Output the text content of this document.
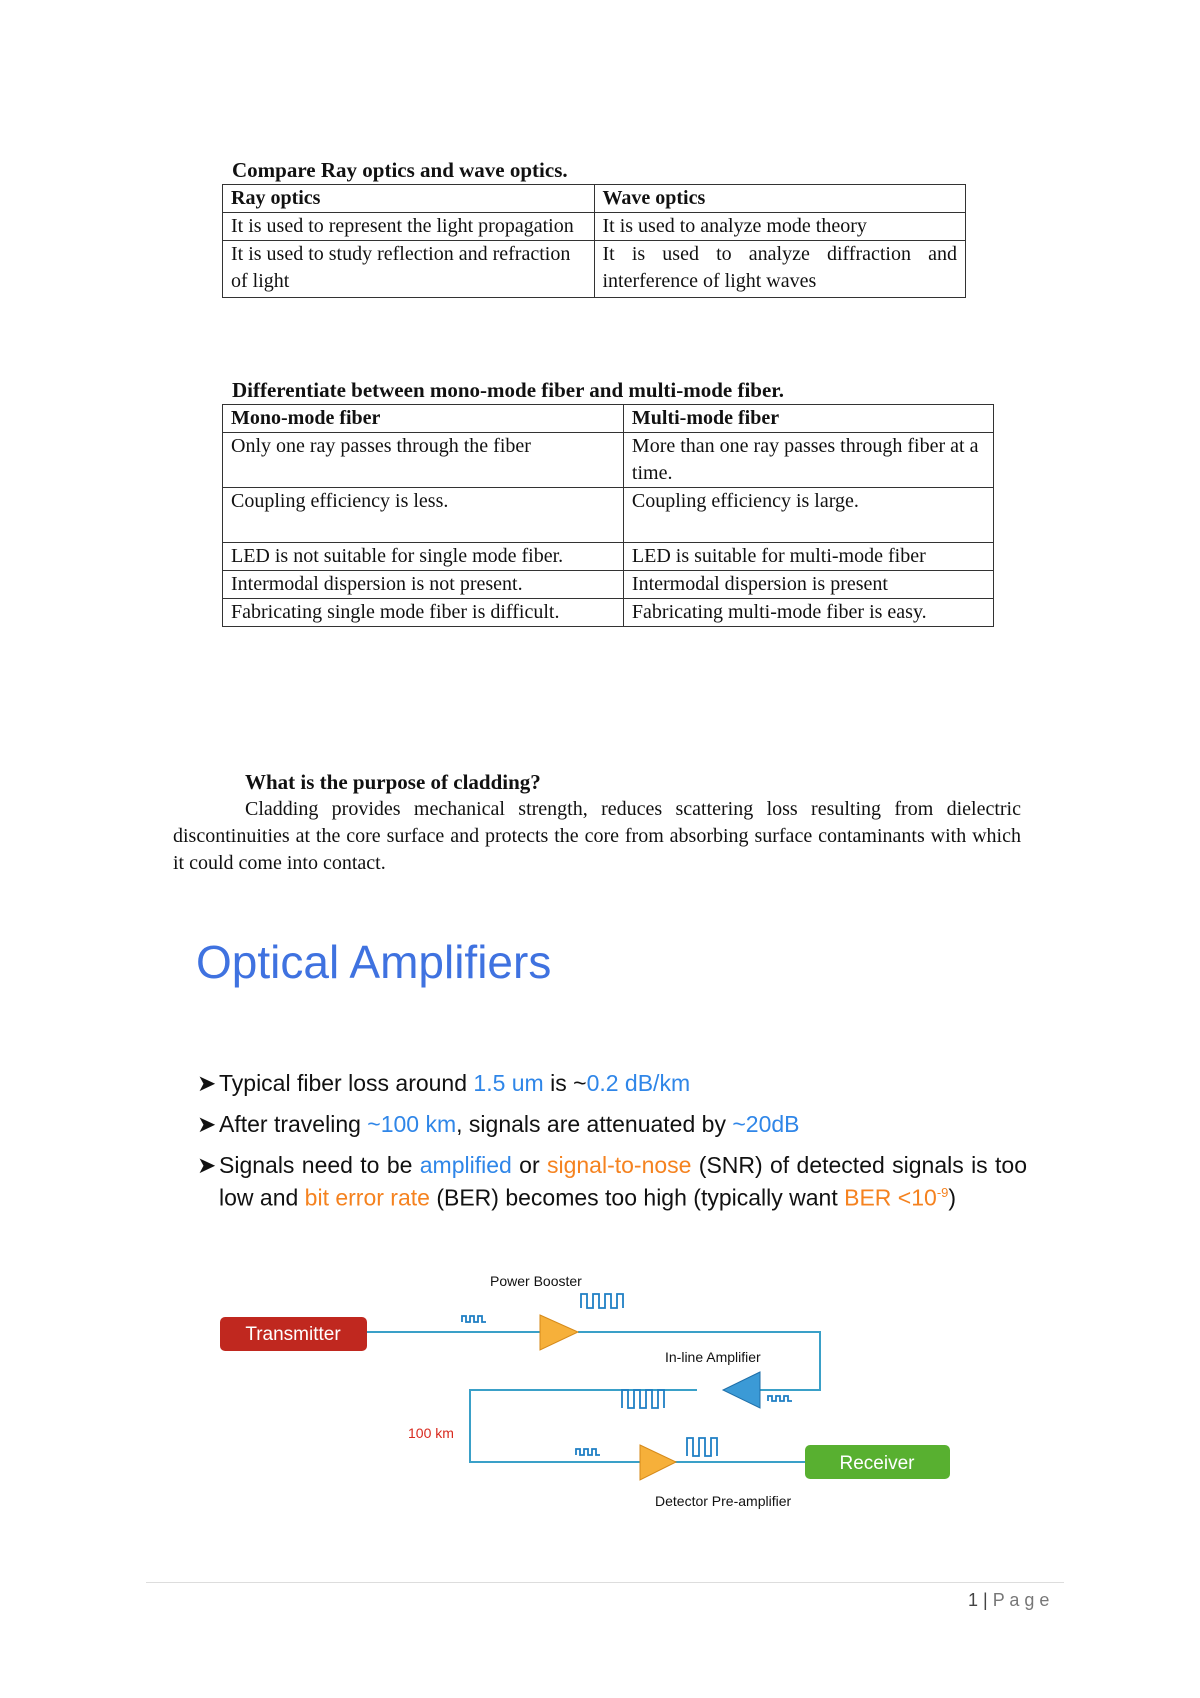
Compare Ray optics and wave optics.
Ray optics	Wave optics
It is used to represent the light propagation	It is used to analyze mode theory
It is used to study reflection and refraction of light	It is used to analyze diffraction and interference of light waves
Differentiate between mono-mode fiber and multi-mode fiber.
Mono-mode fiber	Multi-mode fiber
Only one ray passes through the fiber	More than one ray passes through fiber at a time.
Coupling efficiency is less.	Coupling efficiency is large.
LED is not suitable for single mode fiber.	LED is suitable for multi-mode fiber
Intermodal dispersion is not present.	Intermodal dispersion is present
Fabricating single mode fiber is difficult.	Fabricating multi-mode fiber is easy.
What is the purpose of cladding?
Cladding provides mechanical strength, reduces scattering loss resulting from dielectric discontinuities at the core surface and protects the core from absorbing surface contaminants with which it could come into contact.
Optical Amplifiers
➤ Typical fiber loss around 1.5 um is ~0.2 dB/km
➤ After traveling ~100 km, signals are attenuated by ~20dB
➤ Signals need to be amplified or signal-to-nose (SNR) of detected signals is too low and bit error rate (BER) becomes too high (typically want BER $<10^{-9}$)
Transmitter
Receiver
Power Booster
In-line Amplifier
100 km
Detector Pre-amplifier
1 | P a g e
